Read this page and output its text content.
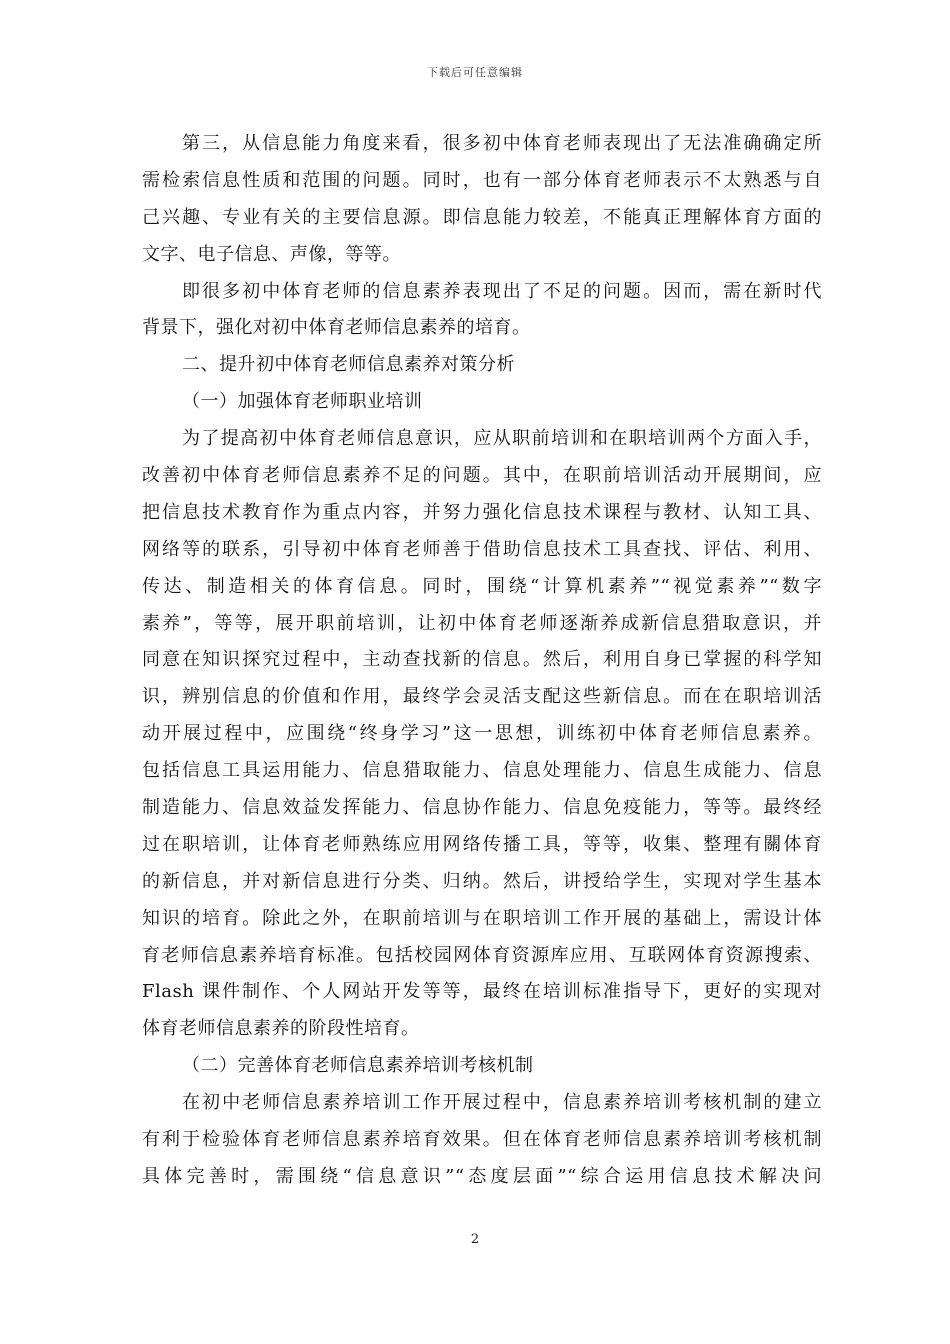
下载后可任意编辑
第三，从信息能力角度来看，很多初中体育老师表现出了无法准确确定所
需检索信息性质和范围的问题。同时，也有一部分体育老师表示不太熟悉与自
己兴趣、专业有关的主要信息源。即信息能力较差，不能真正理解体育方面的
文字、电子信息、声像，等等。
即很多初中体育老师的信息素养表现出了不足的问题。因而，需在新时代
背景下，强化对初中体育老师信息素养的培育。
二、提升初中体育老师信息素养对策分析
（一）加强体育老师职业培训
为了提高初中体育老师信息意识，应从职前培训和在职培训两个方面入手，
改善初中体育老师信息素养不足的问题。其中，在职前培训活动开展期间，应
把信息技术教育作为重点内容，并努力强化信息技术课程与教材、认知工具、
网络等的联系，引导初中体育老师善于借助信息技术工具查找、评估、利用、
传达、制造相关的体育信息。同时，围绕“计算机素养”“视觉素养”“数字
素养”，等等，展开职前培训，让初中体育老师逐渐养成新信息猎取意识，并
同意在知识探究过程中，主动查找新的信息。然后，利用自身已掌握的科学知
识，辨别信息的价值和作用，最终学会灵活支配这些新信息。而在在职培训活
动开展过程中，应围绕“终身学习”这一思想，训练初中体育老师信息素养。
包括信息工具运用能力、信息猎取能力、信息处理能力、信息生成能力、信息
制造能力、信息效益发挥能力、信息协作能力、信息免疫能力，等等。最终经
过在职培训，让体育老师熟练应用网络传播工具，等等，收集、整理有關体育
的新信息，并对新信息进行分类、归纳。然后，讲授给学生，实现对学生基本
知识的培育。除此之外，在职前培训与在职培训工作开展的基础上，需设计体
育老师信息素养培育标准。包括校园网体育资源库应用、互联网体育资源搜索、
Flash 课件制作、个人网站开发等等，最终在培训标准指导下，更好的实现对
体育老师信息素养的阶段性培育。
（二）完善体育老师信息素养培训考核机制
在初中老师信息素养培训工作开展过程中，信息素养培训考核机制的建立
有利于检验体育老师信息素养培育效果。但在体育老师信息素养培训考核机制
具体完善时，需围绕“信息意识”“态度层面”“综合运用信息技术解决问
2
